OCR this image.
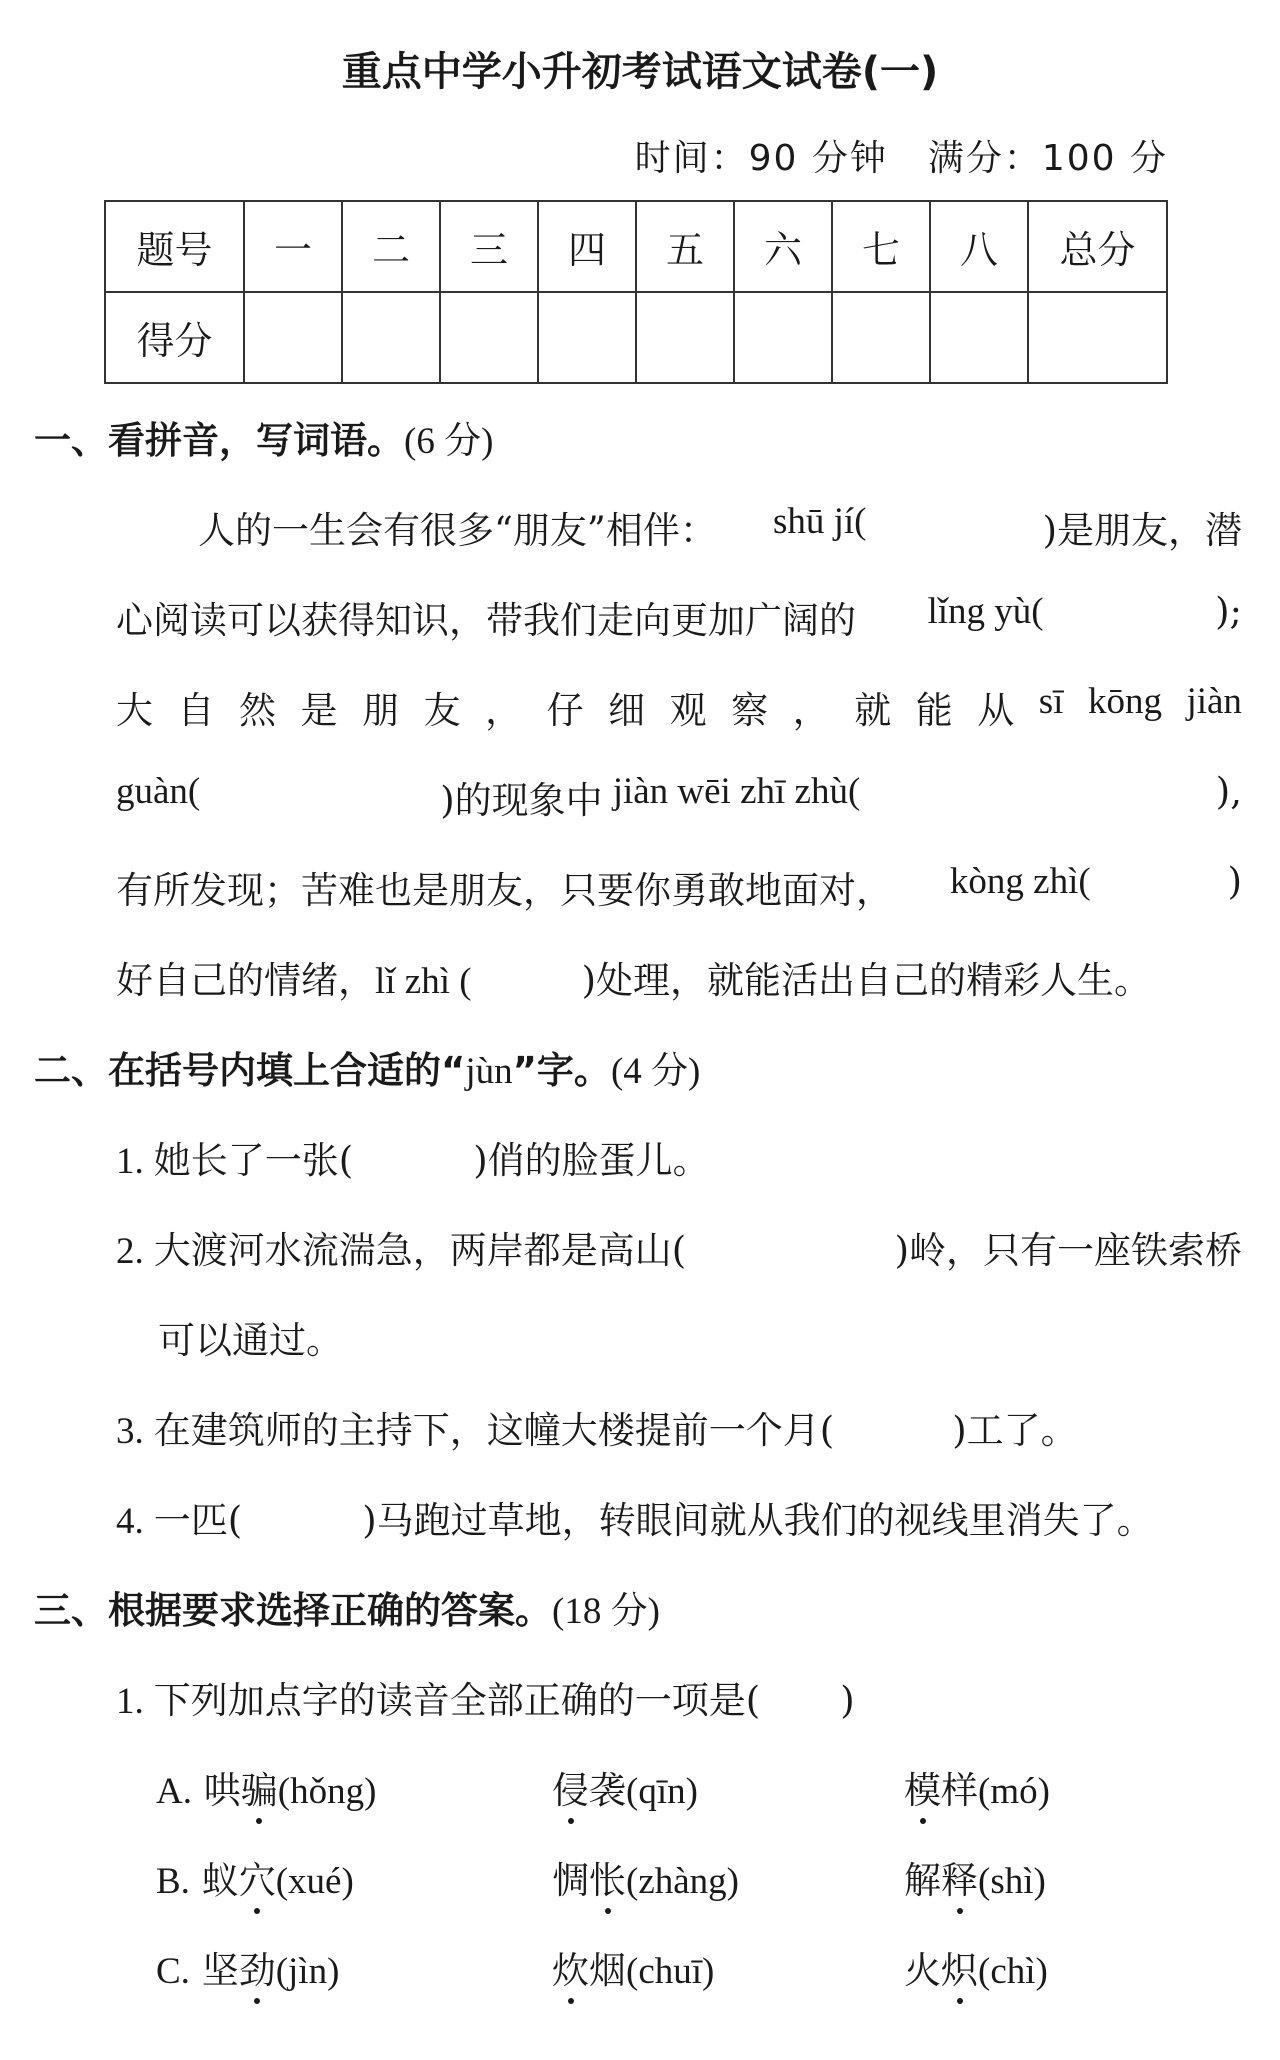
重点中学小升初考试语文试卷(一)
时间：90 分钟 满分：100 分
题号	一	二	三	四	五	六	七	八	总分
得分									
一、看拼音，写词语。(6 分)
人的一生会有很多“朋友”相伴： shū jí(	)是朋友，潜
心阅读可以获得知识，带我们走向更加广阔的 lǐng yù(	);
大 自 然 是 朋 友 ， 仔 细 观 察 ， 就 能 从 sī kōng jiàn
guàn(	)的现象中 jiàn wēi zhī zhù(	),
有所发现；苦难也是朋友，只要你勇敢地面对， kòng zhì(	)
好自己的情绪，lǐ zhì (	)处理，就能活出自己的精彩人生。
二、在括号内填上合适的“jùn”字。(4 分)
1. 她长了一张(	)俏的脸蛋儿。
2. 大渡河水流湍急，两岸都是高山(	)岭，只有一座铁索桥
可以通过。
3. 在建筑师的主持下，这幢大楼提前一个月(	)工了。
4. 一匹(	)马跑过草地，转眼间就从我们的视线里消失了。
三、根据要求选择正确的答案。(18 分)
1. 下列加点字的读音全部正确的一项是( )
A. 哄骗(hǒng)	侵袭(qīn)	模样(mó)
B. 蚁穴(xué)	惆怅(zhàng)	解释(shì)
C. 坚劲(jìn)	炊烟(chuī)	火炽(chì)
